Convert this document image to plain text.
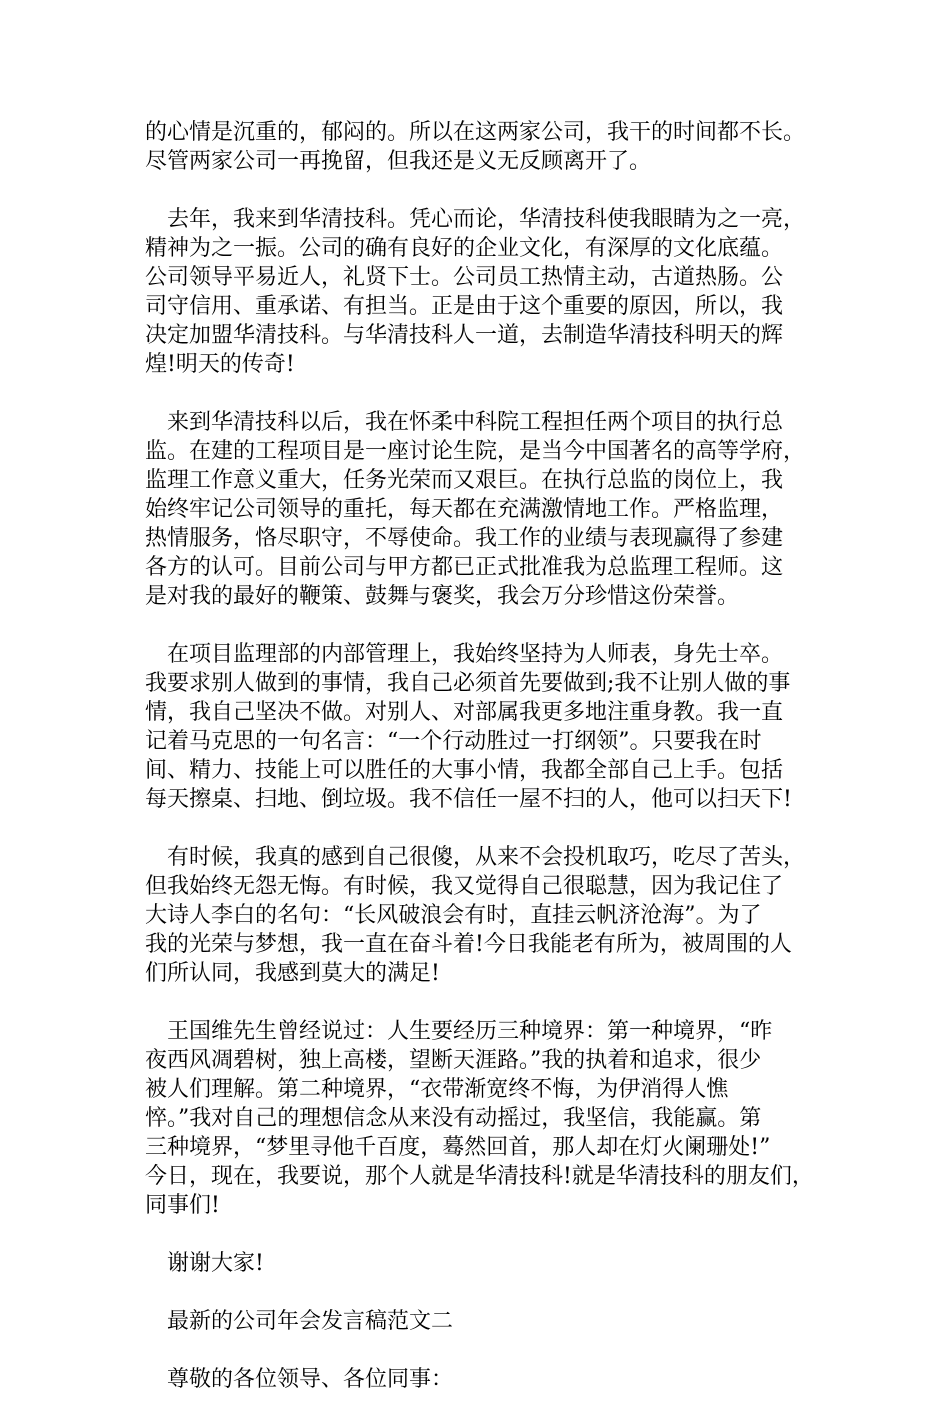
的心情是沉重的，郁闷的。所以在这两家公司，我干的时间都不长。
尽管两家公司一再挽留，但我还是义无反顾离开了。
去年，我来到华清技科。凭心而论，华清技科使我眼睛为之一亮，
精神为之一振。公司的确有良好的企业文化，有深厚的文化底蕴。
公司领导平易近人，礼贤下士。公司员工热情主动，古道热肠。公
司守信用、重承诺、有担当。正是由于这个重要的原因，所以，我
决定加盟华清技科。与华清技科人一道，去制造华清技科明天的辉
煌!明天的传奇!
来到华清技科以后，我在怀柔中科院工程担任两个项目的执行总
监。在建的工程项目是一座讨论生院，是当今中国著名的高等学府，
监理工作意义重大，任务光荣而又艰巨。在执行总监的岗位上，我
始终牢记公司领导的重托，每天都在充满激情地工作。严格监理，
热情服务，恪尽职守，不辱使命。我工作的业绩与表现赢得了参建
各方的认可。目前公司与甲方都已正式批准我为总监理工程师。这
是对我的最好的鞭策、鼓舞与褒奖，我会万分珍惜这份荣誉。
在项目监理部的内部管理上，我始终坚持为人师表，身先士卒。
我要求别人做到的事情，我自己必须首先要做到;我不让别人做的事
情，我自己坚决不做。对别人、对部属我更多地注重身教。我一直
记着马克思的一句名言：“一个行动胜过一打纲领”。只要我在时
间、精力、技能上可以胜任的大事小情，我都全部自己上手。包括
每天擦桌、扫地、倒垃圾。我不信任一屋不扫的人，他可以扫天下!
有时候，我真的感到自己很傻，从来不会投机取巧，吃尽了苦头，
但我始终无怨无悔。有时候，我又觉得自己很聪慧，因为我记住了
大诗人李白的名句：“长风破浪会有时，直挂云帆济沧海”。为了
我的光荣与梦想，我一直在奋斗着!今日我能老有所为，被周围的人
们所认同，我感到莫大的满足!
王国维先生曾经说过：人生要经历三种境界：第一种境界，“昨
夜西风凋碧树，独上高楼，望断天涯路。”我的执着和追求，很少
被人们理解。第二种境界，“衣带渐宽终不悔，为伊消得人憔
悴。”我对自己的理想信念从来没有动摇过，我坚信，我能赢。第
三种境界，“梦里寻他千百度，蓦然回首，那人却在灯火阑珊处!”
今日，现在，我要说，那个人就是华清技科!就是华清技科的朋友们，
同事们!
谢谢大家!
最新的公司年会发言稿范文二
尊敬的各位领导、各位同事：
